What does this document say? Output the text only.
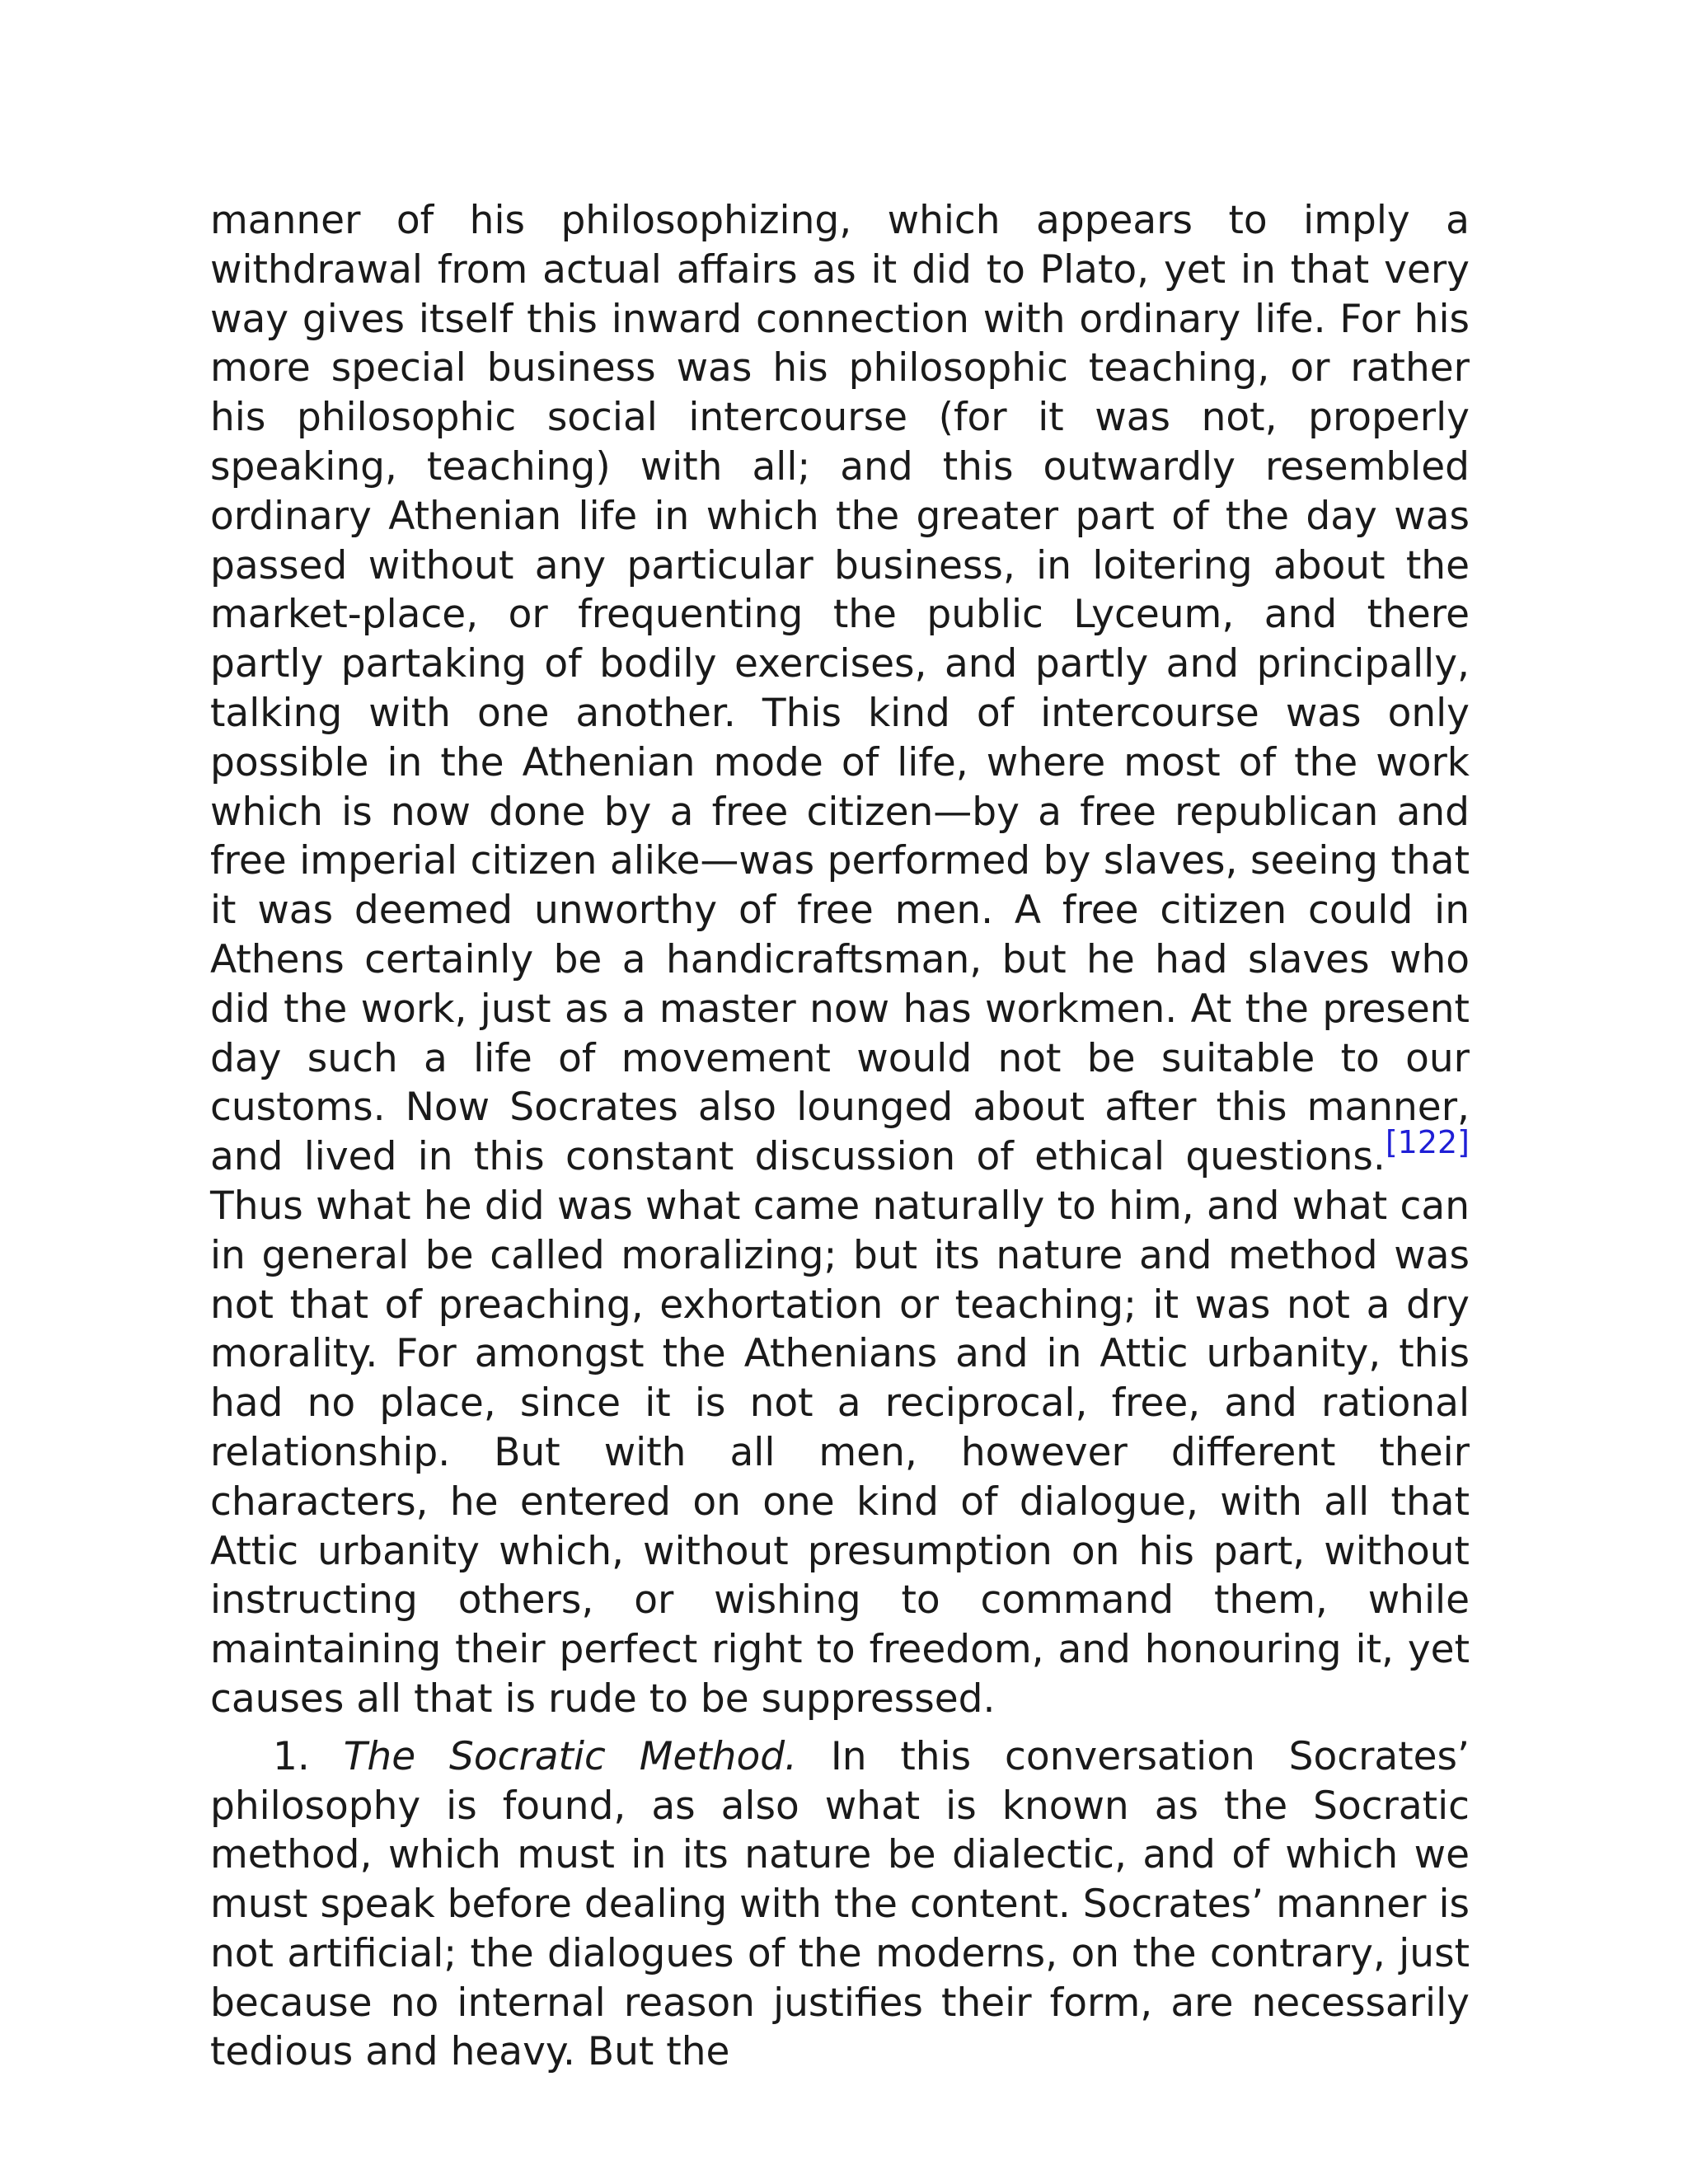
manner of his philosophizing, which appears to imply a withdrawal from actual affairs as it did to Plato, yet in that very way gives itself this inward connection with ordinary life. For his more special business was his philosophic teaching, or rather his philosophic social intercourse (for it was not, properly speaking, teaching) with all; and this outwardly resembled ordinary Athenian life in which the greater part of the day was passed without any particular business, in loitering about the market-place, or frequenting the public Lyceum, and there partly partaking of bodily exercises, and partly and principally, talking with one another. This kind of intercourse was only possible in the Athenian mode of life, where most of the work which is now done by a free citizen—by a free republican and free imperial citizen alike—was performed by slaves, seeing that it was deemed unworthy of free men. A free citizen could in Athens certainly be a handicraftsman, but he had slaves who did the work, just as a master now has workmen. At the present day such a life of movement would not be suitable to our customs. Now Socrates also lounged about after this manner, and lived in this constant discussion of ethical questions.[122] Thus what he did was what came naturally to him, and what can in general be called moralizing; but its nature and method was not that of preaching, exhortation or teaching; it was not a dry morality. For amongst the Athenians and in Attic urbanity, this had no place, since it is not a reciprocal, free, and rational relationship. But with all men, however different their characters, he entered on one kind of dialogue, with all that Attic urbanity which, without presumption on his part, without instructing others, or wishing to command them, while maintaining their perfect right to freedom, and honouring it, yet causes all that is rude to be suppressed.

1. The Socratic Method. In this conversation Socrates’ philosophy is found, as also what is known as the Socratic method, which must in its nature be dialectic, and of which we must speak before dealing with the content. Socrates’ manner is not artificial; the dialogues of the moderns, on the contrary, just because no internal reason justifies their form, are necessarily tedious and heavy. But the
